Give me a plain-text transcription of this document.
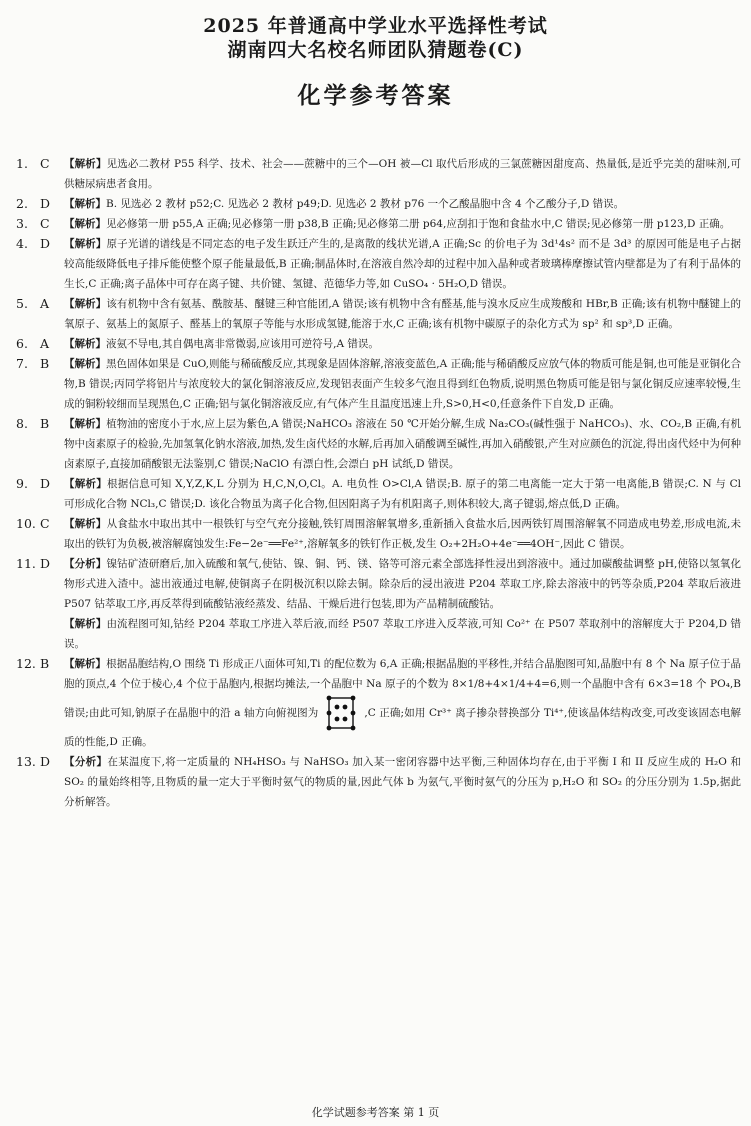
2025 年普通高中学业水平选择性考试
湖南四大名校名师团队猜题卷(C)
化学参考答案
1. C	【解析】见选必二教材 P55 科学、技术、社会——蔗糖中的三个—OH 被—Cl 取代后形成的三氯蔗糖因甜度高、热量低,是近乎完美的甜味剂,可供糖尿病患者食用。
2. D	【解析】B. 见选必 2 教材 p52;C. 见选必 2 教材 p49;D. 见选必 2 教材 p76 一个乙酸晶胞中含 4 个乙酸分子,D 错误。
3. C	【解析】见必修第一册 p55,A 正确;见必修第一册 p38,B 正确;见必修第二册 p64,应刮扣于饱和食盐水中,C 错误;见必修第一册 p123,D 正确。
4. D	【解析】原子光谱的谱线是不同定态的电子发生跃迁产生的,是离散的线状光谱,A 正确;Sc 的价电子为 3d¹4s² 而不是 3d³ 的原因可能是电子占据较高能级降低电子排斥能使整个原子能量最低,B 正确;制晶体时,在溶液自然冷却的过程中加入晶种或者玻璃棒摩擦试管内壁都是为了有利于晶体的生长,C 正确;离子晶体中可存在离子键、共价键、氢键、范德华力等,如 CuSO₄ · 5H₂O,D 错误。
5. A	【解析】该有机物中含有氨基、酰胺基、醚键三种官能团,A 错误;该有机物中含有醛基,能与溴水反应生成羧酸和 HBr,B 正确;该有机物中醚键上的氧原子、氨基上的氮原子、醛基上的氧原子等能与水形成氢键,能溶于水,C 正确;该有机物中碳原子的杂化方式为 sp² 和 sp³,D 正确。
6. A	【解析】液氨不导电,其自偶电离非常微弱,应该用可逆符号,A 错误。
7. B	【解析】黑色固体如果是 CuO,则能与稀硫酸反应,其现象是固体溶解,溶液变蓝色,A 正确;能与稀硝酸反应放气体的物质可能是铜,也可能是亚铜化合物,B 错误;丙同学将铝片与浓度较大的氯化铜溶液反应,发现铝表面产生较多气泡且得到红色物质,说明黑色物质可能是铝与氯化铜反应速率较慢,生成的铜粉较细而呈现黑色,C 正确;铝与氯化铜溶液反应,有气体产生且温度迅速上升,S>0,H<0,任意条件下自发,D 正确。
8. B	【解析】植物油的密度小于水,应上层为紫色,A 错误;NaHCO₃ 溶液在 50 ℃开始分解,生成 Na₂CO₃(碱性强于 NaHCO₃)、水、CO₂,B 正确,有机物中卤素原子的检验,先加氢氧化钠水溶液,加热,发生卤代烃的水解,后再加入硝酸调至碱性,再加入硝酸银,产生对应颜色的沉淀,得出卤代烃中为何种卤素原子,直接加硝酸银无法鉴别,C 错误;NaClO 有漂白性,会漂白 pH 试纸,D 错误。
9. D	【解析】根据信息可知 X,Y,Z,K,L 分别为 H,C,N,O,Cl。A. 电负性 O>Cl,A 错误;B. 原子的第二电离能一定大于第一电离能,B 错误;C. N 与 Cl 可形成化合物 NCl₃,C 错误;D. 该化合物虽为离子化合物,但因阳离子为有机阳离子,则体积较大,离子键弱,熔点低,D 正确。
10. C	【解析】从食盐水中取出其中一根铁钉与空气充分接触,铁钉周围溶解氧增多,重新插入食盐水后,因两铁钉周围溶解氧不同造成电势差,形成电流,未取出的铁钉为负极,被溶解腐蚀发生:Fe−2e⁻══Fe²⁺,溶解氧多的铁钉作正极,发生 O₂+2H₂O+4e⁻══4OH⁻,因此 C 错误。
11. D	【分析】镍钴矿渣研磨后,加入硫酸和氧气,使钴、镍、铜、钙、镁、铬等可溶元素全部选择性浸出到溶液中。通过加碳酸盐调整 pH,使铬以氢氧化物形式进入渣中。滤出液通过电解,使铜离子在阴极沉积以除去铜。除杂后的浸出液进 P204 萃取工序,除去溶液中的钙等杂质,P204 萃取后液进 P507 钴萃取工序,再反萃得到硫酸钴液经蒸发、结晶、干燥后进行包装,即为产品精制硫酸钴。
【解析】由流程图可知,钴经 P204 萃取工序进入萃后液,而经 P507 萃取工序进入反萃液,可知 Co²⁺ 在 P507 萃取剂中的溶解度大于 P204,D 错误。
12. B	【解析】根据晶胞结构,O 围绕 Ti 形成正八面体可知,Ti 的配位数为 6,A 正确;根据晶胞的平移性,并结合晶胞图可知,晶胞中有 8 个 Na 原子位于晶胞的顶点,4 个位于棱心,4 个位于晶胞内,根据均摊法,一个晶胞中 Na 原子的个数为 8×1/8+4×1/4+4=6,则一个晶胞中含有 6×3=18 个 PO₄,B 错误;由此可知,钠原子在晶胞中的沿 a 轴方向俯视图为	,C 正确;如用 Cr³⁺ 离子掺杂替换部分 Ti⁴⁺,使该晶体结构改变,可改变该固态电解质的性能,D 正确。
13. D	【分析】在某温度下,将一定质量的 NH₄HSO₃ 与 NaHSO₃ 加入某一密闭容器中达平衡,三种固体均存在,由于平衡 I 和 II 反应生成的 H₂O 和 SO₂ 的量始终相等,且物质的量一定大于平衡时氨气的物质的量,因此气体 b 为氨气,平衡时氨气的分压为 p,H₂O 和 SO₂ 的分压分别为 1.5p,据此分析解答。
化学试题参考答案 第 1 页
